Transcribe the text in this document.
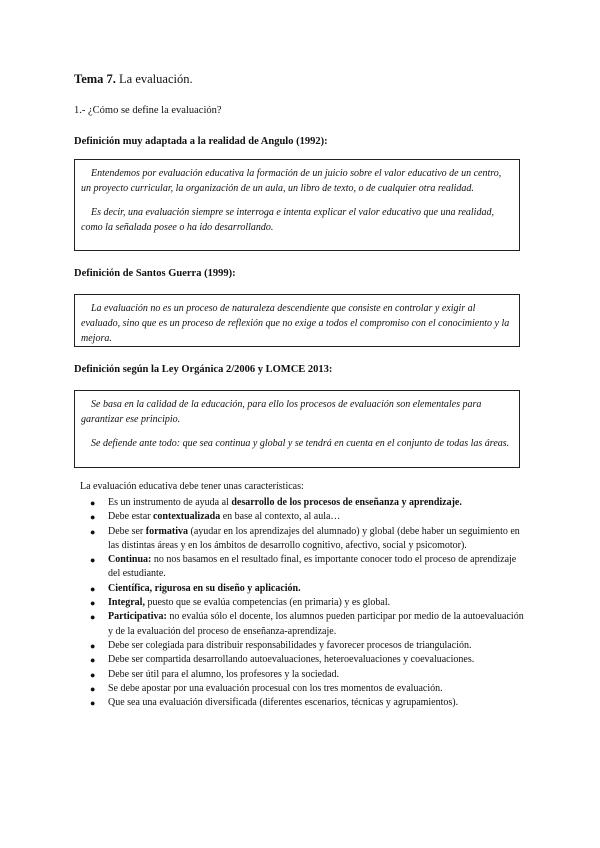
Tema 7. La evaluación.
1.- ¿Cómo se define la evaluación?
Definición muy adaptada a la realidad de Angulo (1992):

Entendemos por evaluación educativa la formación de un juicio sobre el valor educativo de un centro, un proyecto curricular, la organización de un aula, un libro de texto, o de cualquier otra realidad.

Es decir, una evaluación siempre se interroga e intenta explicar el valor educativo que una realidad, como la señalada posee o ha ido desarrollando.

Definición de Santos Guerra (1999):

La evaluación no es un proceso de naturaleza descendiente que consiste en controlar y exigir al evaluado, sino que es un proceso de reflexión que no exige a todos el compromiso con el conocimiento y la mejora.

Definición según la Ley Orgánica 2/2006 y LOMCE 2013:

Se basa en la calidad de la educación, para ello los procesos de evaluación son elementales para garantizar ese principio.

Se defiende ante todo: que sea continua y global y se tendrá en cuenta en el conjunto de todas las áreas.

La evaluación educativa debe tener unas características:
● Es un instrumento de ayuda al desarrollo de los procesos de enseñanza y aprendizaje.
● Debe estar contextualizada en base al contexto, al aula…
● Debe ser formativa (ayudar en los aprendizajes del alumnado) y global (debe haber un seguimiento en las distintas áreas y en los ámbitos de desarrollo cognitivo, afectivo, social y psicomotor).
● Continua: no nos basamos en el resultado final, es importante conocer todo el proceso de aprendizaje del estudiante.
● Científica, rigurosa en su diseño y aplicación.
● Integral, puesto que se evalúa competencias (en primaria) y es global.
● Participativa: no evalúa sólo el docente, los alumnos pueden participar por medio de la autoevaluación y de la evaluación del proceso de enseñanza-aprendizaje.
● Debe ser colegiada para distribuir responsabilidades y favorecer procesos de triangulación.
● Debe ser compartida desarrollando autoevaluaciones, heteroevaluaciones y coevaluaciones.
● Debe ser útil para el alumno, los profesores y la sociedad.
● Se debe apostar por una evaluación procesual con los tres momentos de evaluación.
● Que sea una evaluación diversificada (diferentes escenarios, técnicas y agrupamientos).
